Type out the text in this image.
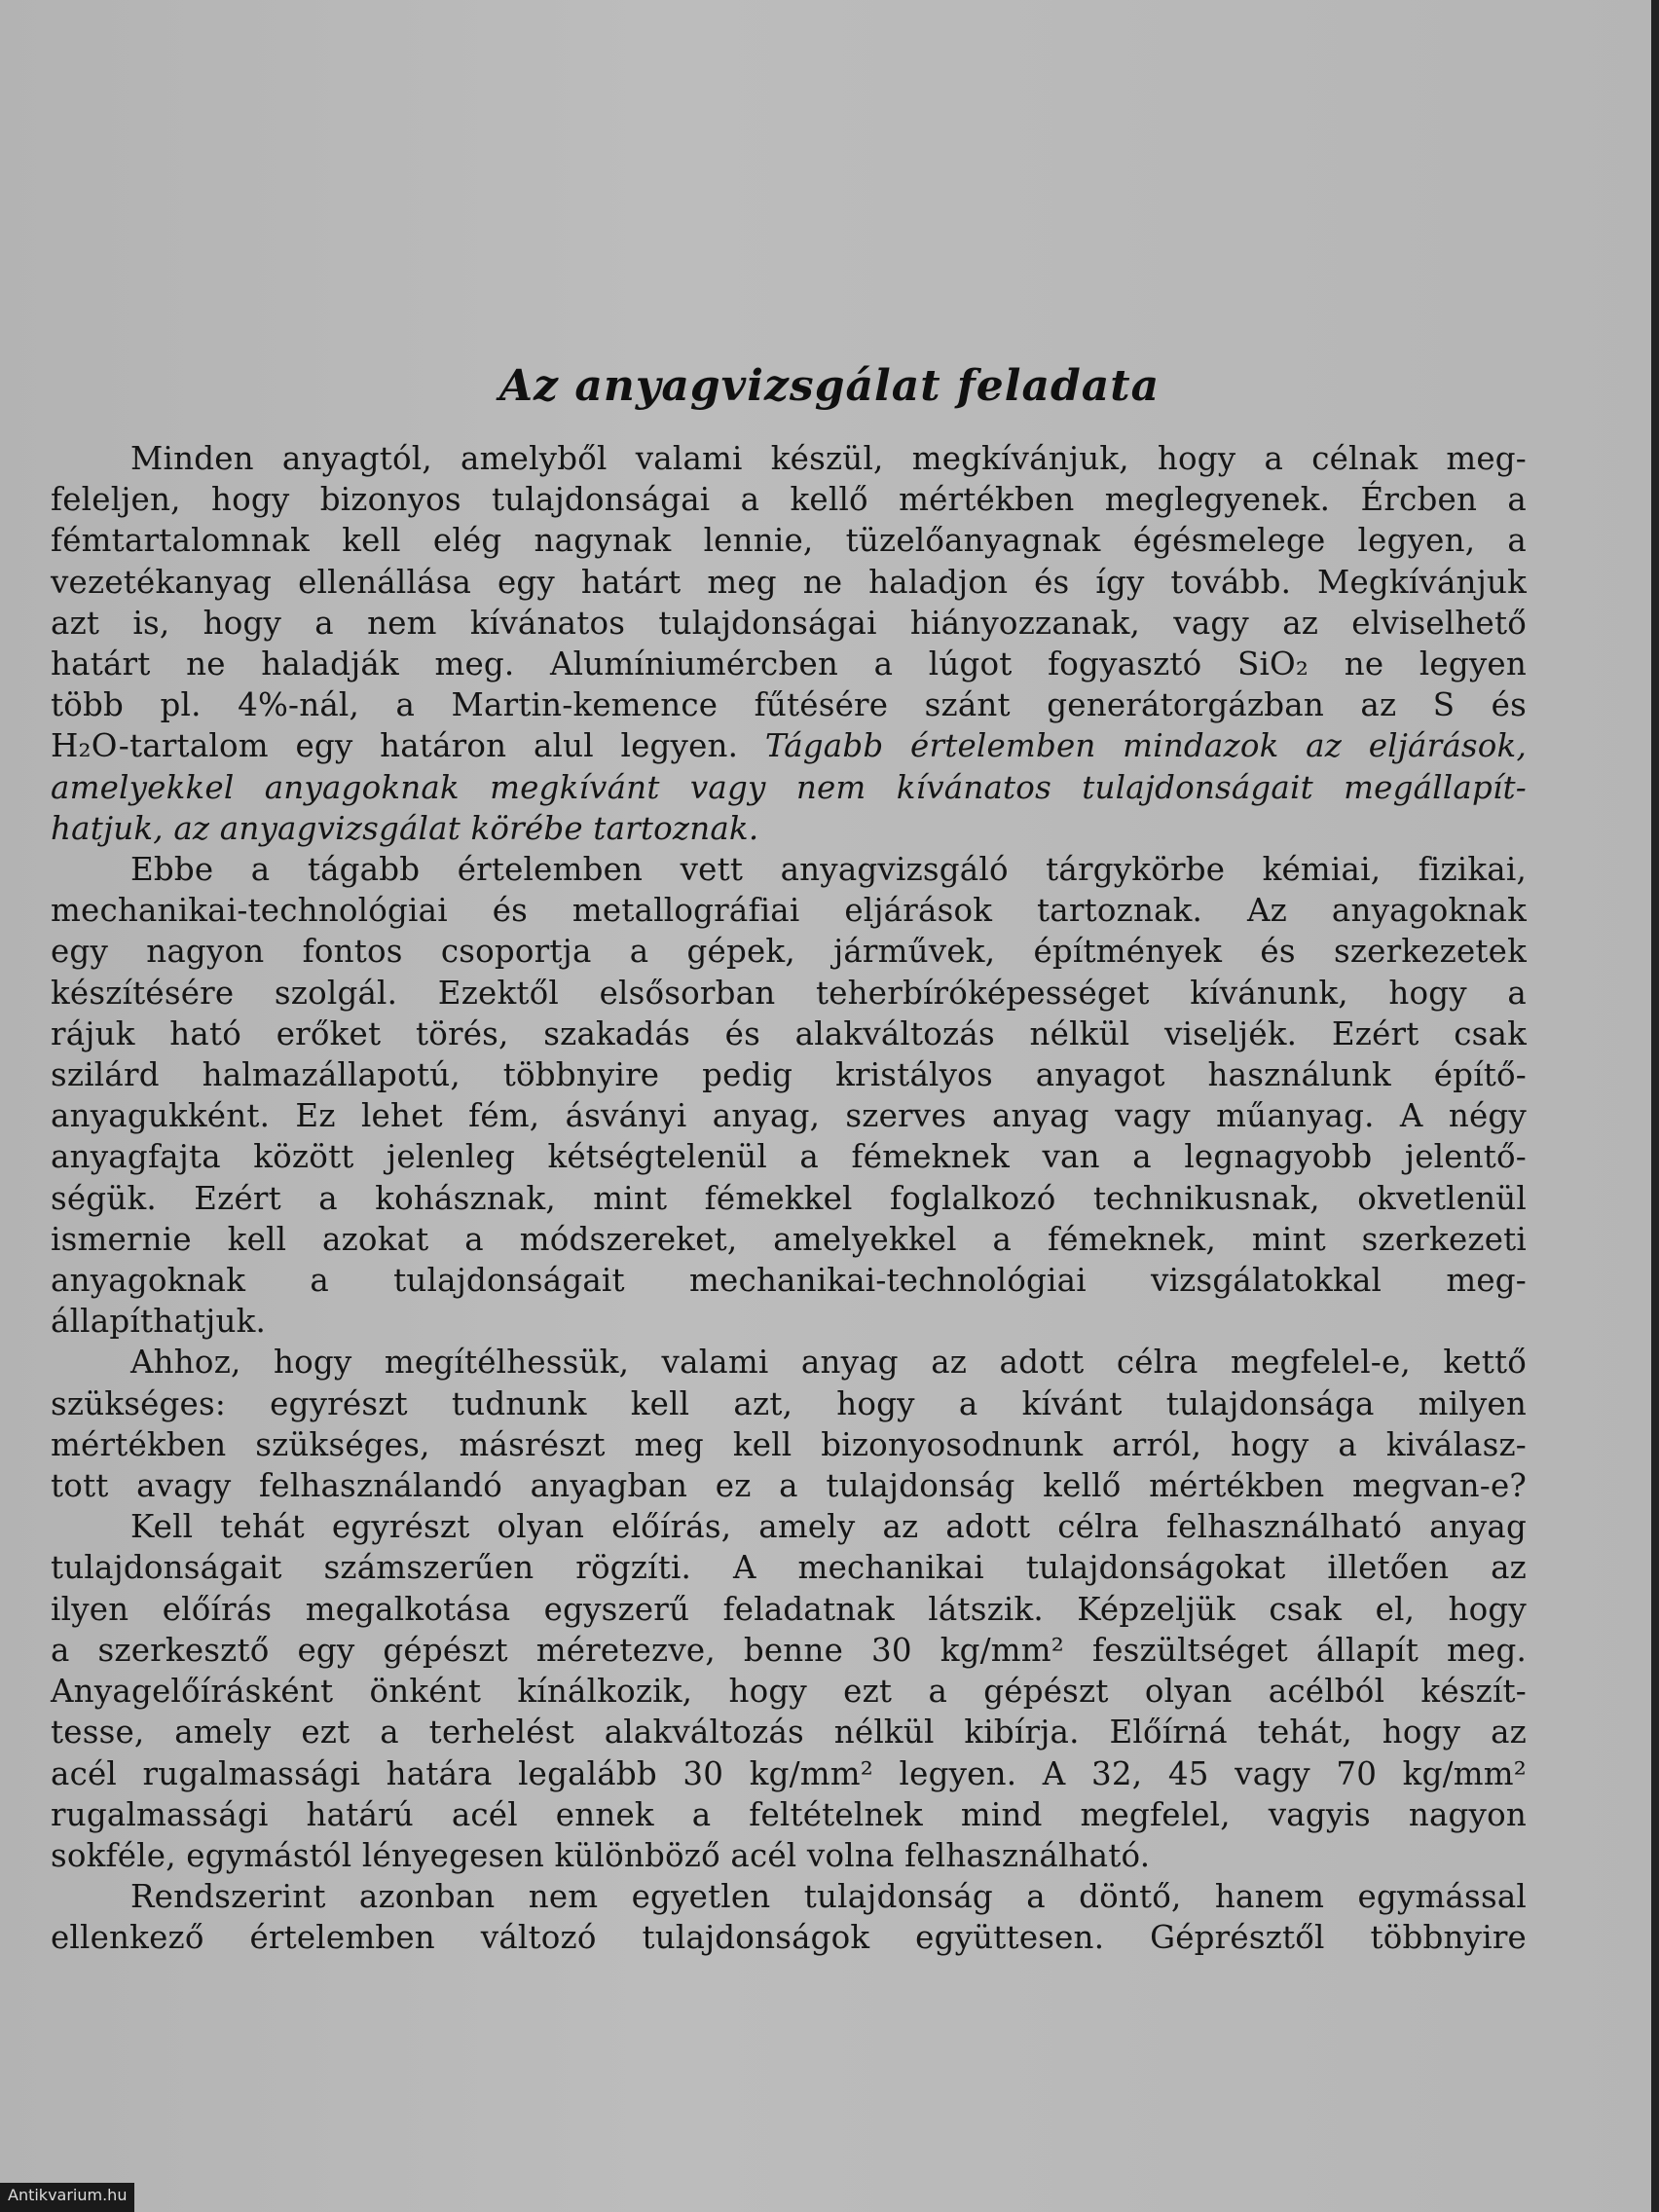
Az anyagvizsgálat feladata

Minden anyagtól, amelyből valami készül, megkívánjuk, hogy a célnak meg-
feleljen, hogy bizonyos tulajdonságai a kellő mértékben meglegyenek. Ércben a
fémtartalomnak kell elég nagynak lennie, tüzelőanyagnak égésmelege legyen, a
vezetékanyag ellenállása egy határt meg ne haladjon és így tovább. Megkívánjuk
azt is, hogy a nem kívánatos tulajdonságai hiányozzanak, vagy az elviselhető
határt ne haladják meg. Alumíniumércben a lúgot fogyasztó SiO₂ ne legyen
több pl. 4%-nál, a Martin-kemence fűtésére szánt generátorgázban az S és
H₂O-tartalom egy határon alul legyen. Tágabb értelemben mindazok az eljárások,
amelyekkel anyagoknak megkívánt vagy nem kívánatos tulajdonságait megállapít-
hatjuk, az anyagvizsgálat körébe tartoznak.

Ebbe a tágabb értelemben vett anyagvizsgáló tárgykörbe kémiai, fizikai,
mechanikai-technológiai és metallográfiai eljárások tartoznak. Az anyagoknak
egy nagyon fontos csoportja a gépek, járművek, építmények és szerkezetek
készítésére szolgál. Ezektől elsősorban teherbíróképességet kívánunk, hogy a
rájuk ható erőket törés, szakadás és alakváltozás nélkül viseljék. Ezért csak
szilárd halmazállapotú, többnyire pedig kristályos anyagot használunk építő-
anyagukként. Ez lehet fém, ásványi anyag, szerves anyag vagy műanyag. A négy
anyagfajta között jelenleg kétségtelenül a fémeknek van a legnagyobb jelentő-
ségük. Ezért a kohásznak, mint fémekkel foglalkozó technikusnak, okvetlenül
ismernie kell azokat a módszereket, amelyekkel a fémeknek, mint szerkezeti
anyagoknak a tulajdonságait mechanikai-technológiai vizsgálatokkal meg-
állapíthatjuk.

Ahhoz, hogy megítélhessük, valami anyag az adott célra megfelel-e, kettő
szükséges: egyrészt tudnunk kell azt, hogy a kívánt tulajdonsága milyen
mértékben szükséges, másrészt meg kell bizonyosodnunk arról, hogy a kiválasz-
tott avagy felhasználandó anyagban ez a tulajdonság kellő mértékben megvan-e?

Kell tehát egyrészt olyan előírás, amely az adott célra felhasználható anyag
tulajdonságait számszerűen rögzíti. A mechanikai tulajdonságokat illetően az
ilyen előírás megalkotása egyszerű feladatnak látszik. Képzeljük csak el, hogy
a szerkesztő egy gépészt méretezve, benne 30 kg/mm² feszültséget állapít meg.
Anyagelőírásként önként kínálkozik, hogy ezt a gépészt olyan acélból készít-
tesse, amely ezt a terhelést alakváltozás nélkül kibírja. Előírná tehát, hogy az
acél rugalmassági határa legalább 30 kg/mm² legyen. A 32, 45 vagy 70 kg/mm²
rugalmassági határú acél ennek a feltételnek mind megfelel, vagyis nagyon
sokféle, egymástól lényegesen különböző acél volna felhasználható.

Rendszerint azonban nem egyetlen tulajdonság a döntő, hanem egymással
ellenkező értelemben változó tulajdonságok együttesen. Géprésztől többnyire

Antikvarium.hu
